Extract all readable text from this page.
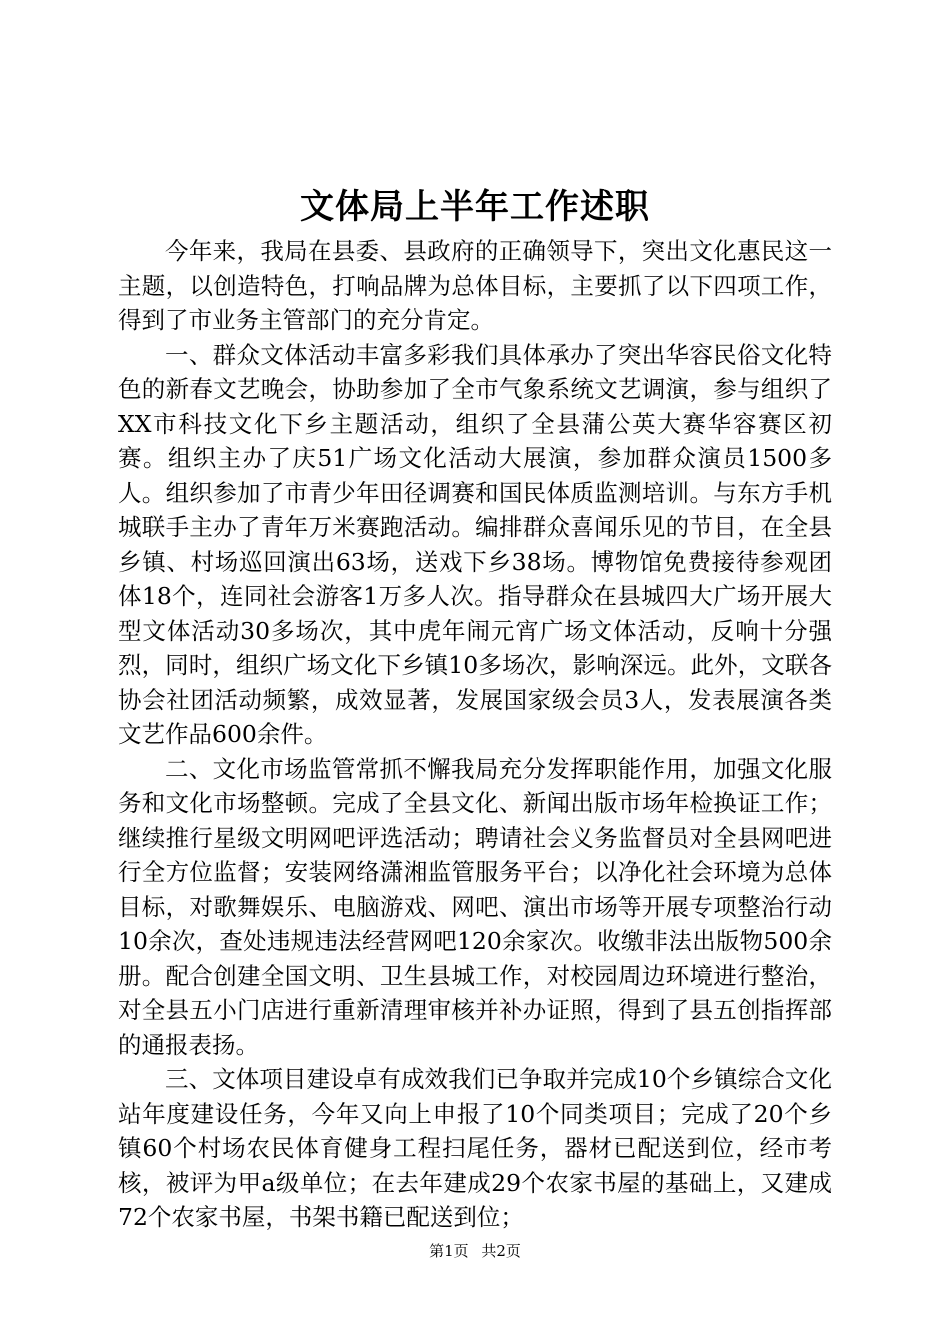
文体局上半年工作述职

今年来，我局在县委、县政府的正确领导下，突出文化惠民这一主题，以创造特色，打响品牌为总体目标，主要抓了以下四项工作，得到了市业务主管部门的充分肯定。

一、群众文体活动丰富多彩我们具体承办了突出华容民俗文化特色的新春文艺晚会，协助参加了全市气象系统文艺调演，参与组织了XX市科技文化下乡主题活动，组织了全县蒲公英大赛华容赛区初赛。组织主办了庆51广场文化活动大展演，参加群众演员1500多人。组织参加了市青少年田径调赛和国民体质监测培训。与东方手机城联手主办了青年万米赛跑活动。编排群众喜闻乐见的节目，在全县乡镇、村场巡回演出63场，送戏下乡38场。博物馆免费接待参观团体18个，连同社会游客1万多人次。指导群众在县城四大广场开展大型文体活动30多场次，其中虎年闹元宵广场文体活动，反响十分强烈，同时，组织广场文化下乡镇10多场次，影响深远。此外，文联各协会社团活动频繁，成效显著，发展国家级会员3人，发表展演各类文艺作品600余件。

二、文化市场监管常抓不懈我局充分发挥职能作用，加强文化服务和文化市场整顿。完成了全县文化、新闻出版市场年检换证工作；继续推行星级文明网吧评选活动；聘请社会义务监督员对全县网吧进行全方位监督；安装网络潇湘监管服务平台；以净化社会环境为总体目标，对歌舞娱乐、电脑游戏、网吧、演出市场等开展专项整治行动10余次，查处违规违法经营网吧120余家次。收缴非法出版物500余册。配合创建全国文明、卫生县城工作，对校园周边环境进行整治，对全县五小门店进行重新清理审核并补办证照，得到了县五创指挥部的通报表扬。

三、文体项目建设卓有成效我们已争取并完成10个乡镇综合文化站年度建设任务，今年又向上申报了10个同类项目；完成了20个乡镇60个村场农民体育健身工程扫尾任务，器材已配送到位，经市考核，被评为甲a级单位；在去年建成29个农家书屋的基础上，又建成72个农家书屋，书架书籍已配送到位；

第1页 共2页
